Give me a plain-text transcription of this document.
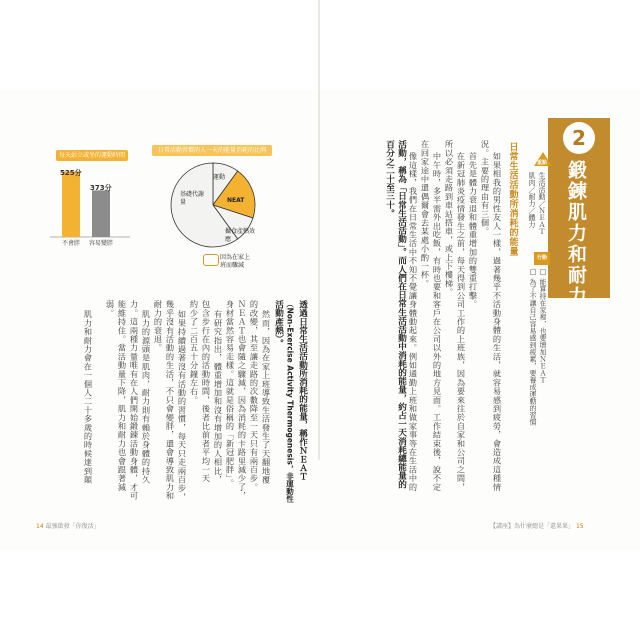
2
鍛鍊肌力和耐力
重點
生活活動／ＮＥＡＴ
肌肉／耐力／體力
行動
□ 能算持在家裡，也要增加ＮＥＡＴ
□ 為了不讓自己容易感到疲累，要養成運動的習慣
日常生活活動所消耗的能量
如果相我的男性友人一樣，過著幾乎不活動身體的生活，就容易感到疲勞，會造成這種情
況。主要的理由有三個。
首先是體力衰退和體重增加的雙重打擊。
在新冠肺炎疫情發生之前，每天得到公司工作的上班族，因為要來往於自家和公司之間，
所以必須走路到車站搭車，或上下樓梯。
中午時，多半需外出吃飯，有時也要和客戶在公司以外的地方見面。工作結束後，說不定
在回家途中還偶爾會去某處小酌一杯。
像這樣，我們在日常生活中不知不覺讓身體動起來。例如通勤上班和做家事等在生活中的
活動，稱為「日常生活活動」。而人們在日常生活活動中消耗的能量，約占一天消耗總能量的
百分之二十至三十。
透過日常生活活動所消耗的能量，稱作ＮＥＡＴ
（Non-Exercise Activity Thermogenesis，非運動性
活動產熱）。
然而，因為在家上班導致生活發生了天翻地覆
的改變，其至讓走路的次數降至一天只有兩百步。
ＮＥＡＴ也會隨之驟減，因為消耗的卡路里減少了，
身材當然容易走樣。這就是俗稱的「新冠肥胖」。
有研究指出，體重增加和沒有增加的人相比，
包含步行在內的活動時間，後者比前者平均一天
約少了二百五十分鐘左右。
如果持續過著沒有活動的習慣，每天只走兩百步，
幾乎沒有活動的生活，不只會變胖，還會導致肌力和
耐力的衰退。
肌力的源頭是肌肉，耐力則有賴於身體的持久
力。這兩種力量唯有在人們開始鍛鍊活動身體，才可
能維持住。當活動量下降，肌力和耐力也會跟著減
弱。
肌力和耐力會在一個人二十多歲的時候達到顛
每天站立或坐的運動時間
525分
373分
不會胖 容易變胖
日常活動習慣的人一天的能量消耗的比例
運動
NEAT
攝食產熱效應
基礎代謝量
因為在家上班而驟減
14 最強啟發「你復活」	【講座】為什麼總是「還果果」 15
